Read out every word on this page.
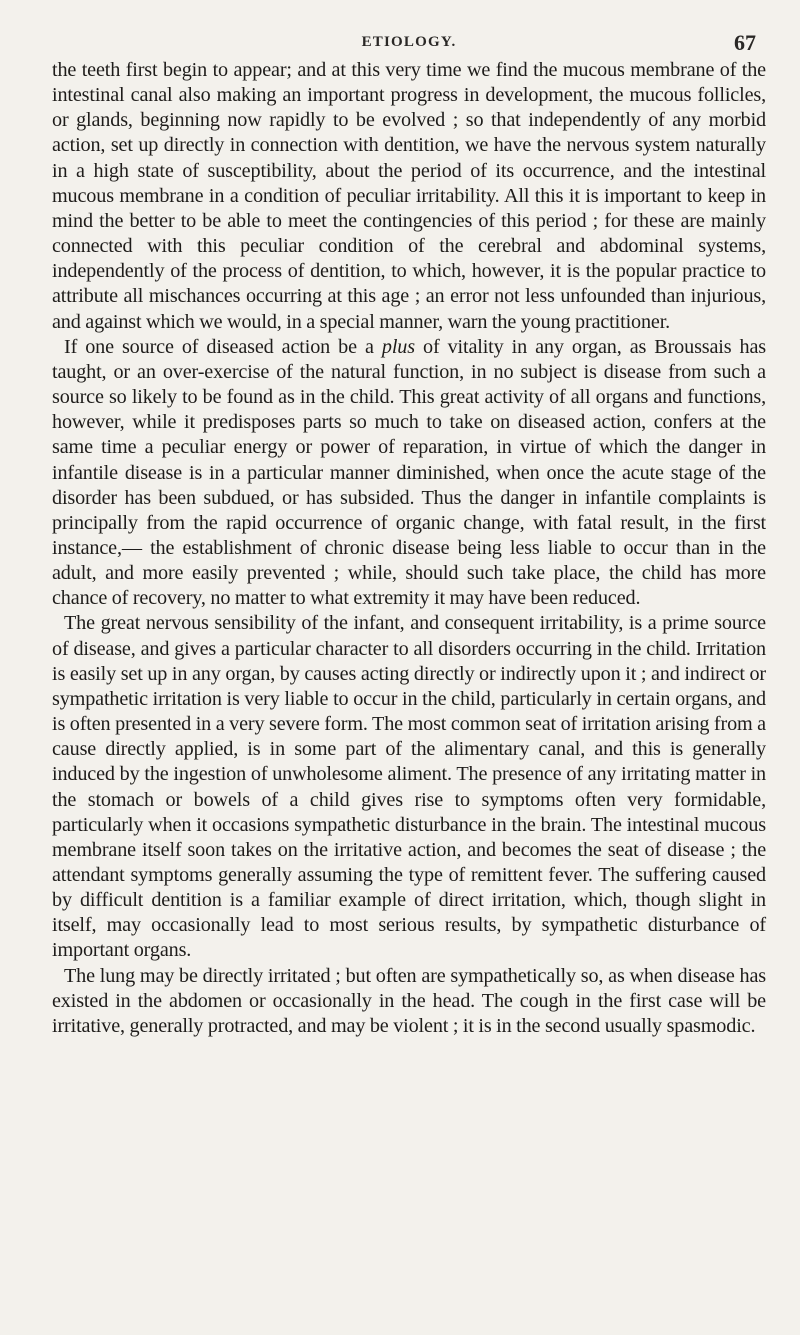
ETIOLOGY.	67

the teeth first begin to appear; and at this very time we find the mucous membrane of the intestinal canal also making an important progress in development, the mucous follicles, or glands, beginning now rapidly to be evolved ; so that independently of any morbid action, set up directly in connection with dentition, we have the nervous system naturally in a high state of susceptibility, about the period of its occurrence, and the intestinal mucous membrane in a condition of peculiar irritability. All this it is important to keep in mind the better to be able to meet the contingencies of this period ; for these are mainly connected with this peculiar condition of the cerebral and abdominal systems, independently of the process of dentition, to which, however, it is the popular practice to attribute all mischances occurring at this age ; an error not less unfounded than injurious, and against which we would, in a special manner, warn the young practitioner.

If one source of diseased action be a plus of vitality in any organ, as Broussais has taught, or an over-exercise of the natural function, in no subject is disease from such a source so likely to be found as in the child. This great activity of all organs and functions, however, while it predisposes parts so much to take on diseased action, confers at the same time a peculiar energy or power of reparation, in virtue of which the danger in infantile disease is in a particular manner diminished, when once the acute stage of the disorder has been subdued, or has subsided. Thus the danger in infantile complaints is principally from the rapid occurrence of organic change, with fatal result, in the first instance,— the establishment of chronic disease being less liable to occur than in the adult, and more easily prevented ; while, should such take place, the child has more chance of recovery, no matter to what extremity it may have been reduced.

The great nervous sensibility of the infant, and consequent irritability, is a prime source of disease, and gives a particular character to all disorders occurring in the child. Irritation is easily set up in any organ, by causes acting directly or indirectly upon it ; and indirect or sympathetic irritation is very liable to occur in the child, particularly in certain organs, and is often presented in a very severe form. The most common seat of irritation arising from a cause directly applied, is in some part of the alimentary canal, and this is generally induced by the ingestion of unwholesome aliment. The presence of any irritating matter in the stomach or bowels of a child gives rise to symptoms often very formidable, particularly when it occasions sympathetic disturbance in the brain. The intestinal mucous membrane itself soon takes on the irritative action, and becomes the seat of disease ; the attendant symptoms generally assuming the type of remittent fever. The suffering caused by difficult dentition is a familiar example of direct irritation, which, though slight in itself, may occasionally lead to most serious results, by sympathetic disturbance of important organs.

The lung may be directly irritated ; but often are sympathetically so, as when disease has existed in the abdomen or occasionally in the head. The cough in the first case will be irritative, generally protracted, and may be violent ; it is in the second usually spasmodic.
